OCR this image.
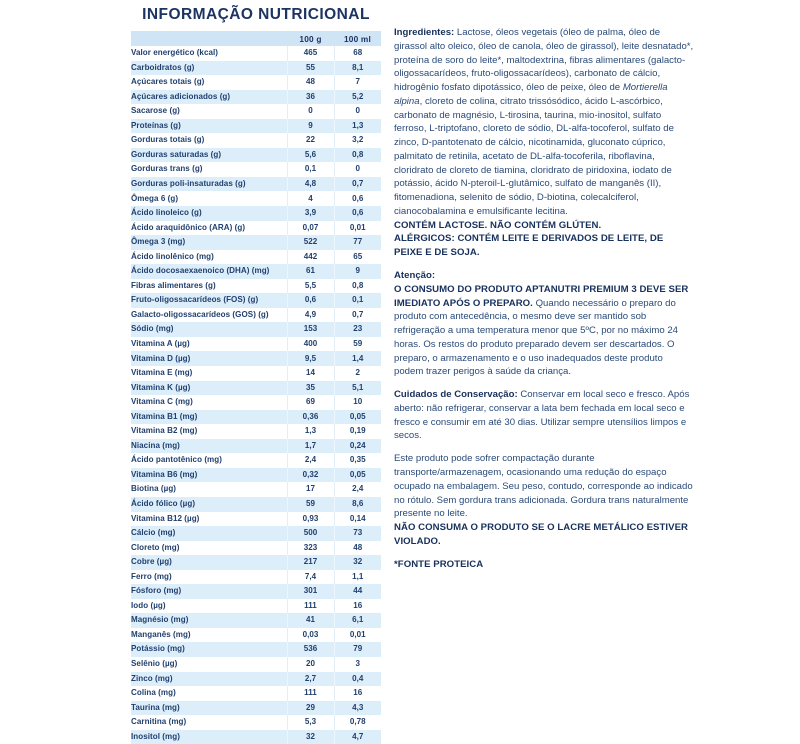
INFORMAÇÃO NUTRICIONAL
	100 g	100 ml
Valor energético (kcal)	465	68
Carboidratos (g)	55	8,1
Açúcares totais (g)	48	7
Açúcares adicionados (g)	36	5,2
Sacarose (g)	0	0
Proteínas (g)	9	1,3
Gorduras totais (g)	22	3,2
Gorduras saturadas (g)	5,6	0,8
Gorduras trans (g)	0,1	0
Gorduras poli-insaturadas (g)	4,8	0,7
Ômega 6 (g)	4	0,6
Ácido linoleico (g)	3,9	0,6
Ácido araquidônico (ARA) (g)	0,07	0,01
Ômega 3 (mg)	522	77
Ácido linolênico (mg)	442	65
Ácido docosaexaenoico (DHA) (mg)	61	9
Fibras alimentares (g)	5,5	0,8
Fruto-oligossacarídeos (FOS) (g)	0,6	0,1
Galacto-oligossacarídeos (GOS) (g)	4,9	0,7
Sódio (mg)	153	23
Vitamina A (µg)	400	59
Vitamina D (µg)	9,5	1,4
Vitamina E (mg)	14	2
Vitamina K (µg)	35	5,1
Vitamina C (mg)	69	10
Vitamina B1 (mg)	0,36	0,05
Vitamina B2 (mg)	1,3	0,19
Niacina (mg)	1,7	0,24
Ácido pantotênico (mg)	2,4	0,35
Vitamina B6 (mg)	0,32	0,05
Biotina (µg)	17	2,4
Ácido fólico (µg)	59	8,6
Vitamina B12 (µg)	0,93	0,14
Cálcio (mg)	500	73
Cloreto (mg)	323	48
Cobre (µg)	217	32
Ferro (mg)	7,4	1,1
Fósforo (mg)	301	44
Iodo (µg)	111	16
Magnésio (mg)	41	6,1
Manganês (mg)	0,03	0,01
Potássio (mg)	536	79
Selênio (µg)	20	3
Zinco (mg)	2,7	0,4
Colina (mg)	111	16
Taurina (mg)	29	4,3
Carnitina (mg)	5,3	0,78
Inositol (mg)	32	4,7

Ingredientes: Lactose, óleos vegetais (óleo de palma, óleo de girassol alto oleico, óleo de canola, óleo de girassol), leite desnatado*, proteína de soro do leite*, maltodextrina, fibras alimentares (galacto-oligossacarídeos, fruto-oligossacarídeos), carbonato de cálcio, hidrogênio fosfato dipotássico, óleo de peixe, óleo de Mortierella alpina, cloreto de colina, citrato trissósódico, ácido L-ascórbico, carbonato de magnésio, L-tirosina, taurina, mio-inositol, sulfato ferroso, L-triptofano, cloreto de sódio, DL-alfa-tocoferol, sulfato de zinco, D-pantotenato de cálcio, nicotinamida, gluconato cúprico, palmitato de retinila, acetato de DL-alfa-tocoferila, riboflavina, cloridrato de cloreto de tiamina, cloridrato de piridoxina, iodato de potássio, ácido N-pteroil-L-glutâmico, sulfato de manganês (II), fitomenadiona, selenito de sódio, D-biotina, colecalciferol, cianocobalamina e emulsificante lecitina.

CONTÉM LACTOSE. NÃO CONTÉM GLÚTEN.

ALÉRGICOS: CONTÉM LEITE E DERIVADOS DE LEITE, DE PEIXE E DE SOJA.

Atenção:

O CONSUMO DO PRODUTO APTANUTRI PREMIUM 3 DEVE SER IMEDIATO APÓS O PREPARO. Quando necessário o preparo do produto com antecedência, o mesmo deve ser mantido sob refrigeração a uma temperatura menor que 5ºC, por no máximo 24 horas. Os restos do produto preparado devem ser descartados. O preparo, o armazenamento e o uso inadequados deste produto podem trazer perigos à saúde da criança.

Cuidados de Conservação: Conservar em local seco e fresco. Após aberto: não refrigerar, conservar a lata bem fechada em local seco e fresco e consumir em até 30 dias. Utilizar sempre utensílios limpos e secos.

Este produto pode sofrer compactação durante transporte/armazenagem, ocasionando uma redução do espaço ocupado na embalagem. Seu peso, contudo, corresponde ao indicado no rótulo. Sem gordura trans adicionada. Gordura trans naturalmente presente no leite.

NÃO CONSUMA O PRODUTO SE O LACRE METÁLICO ESTIVER VIOLADO.

*FONTE PROTEICA
